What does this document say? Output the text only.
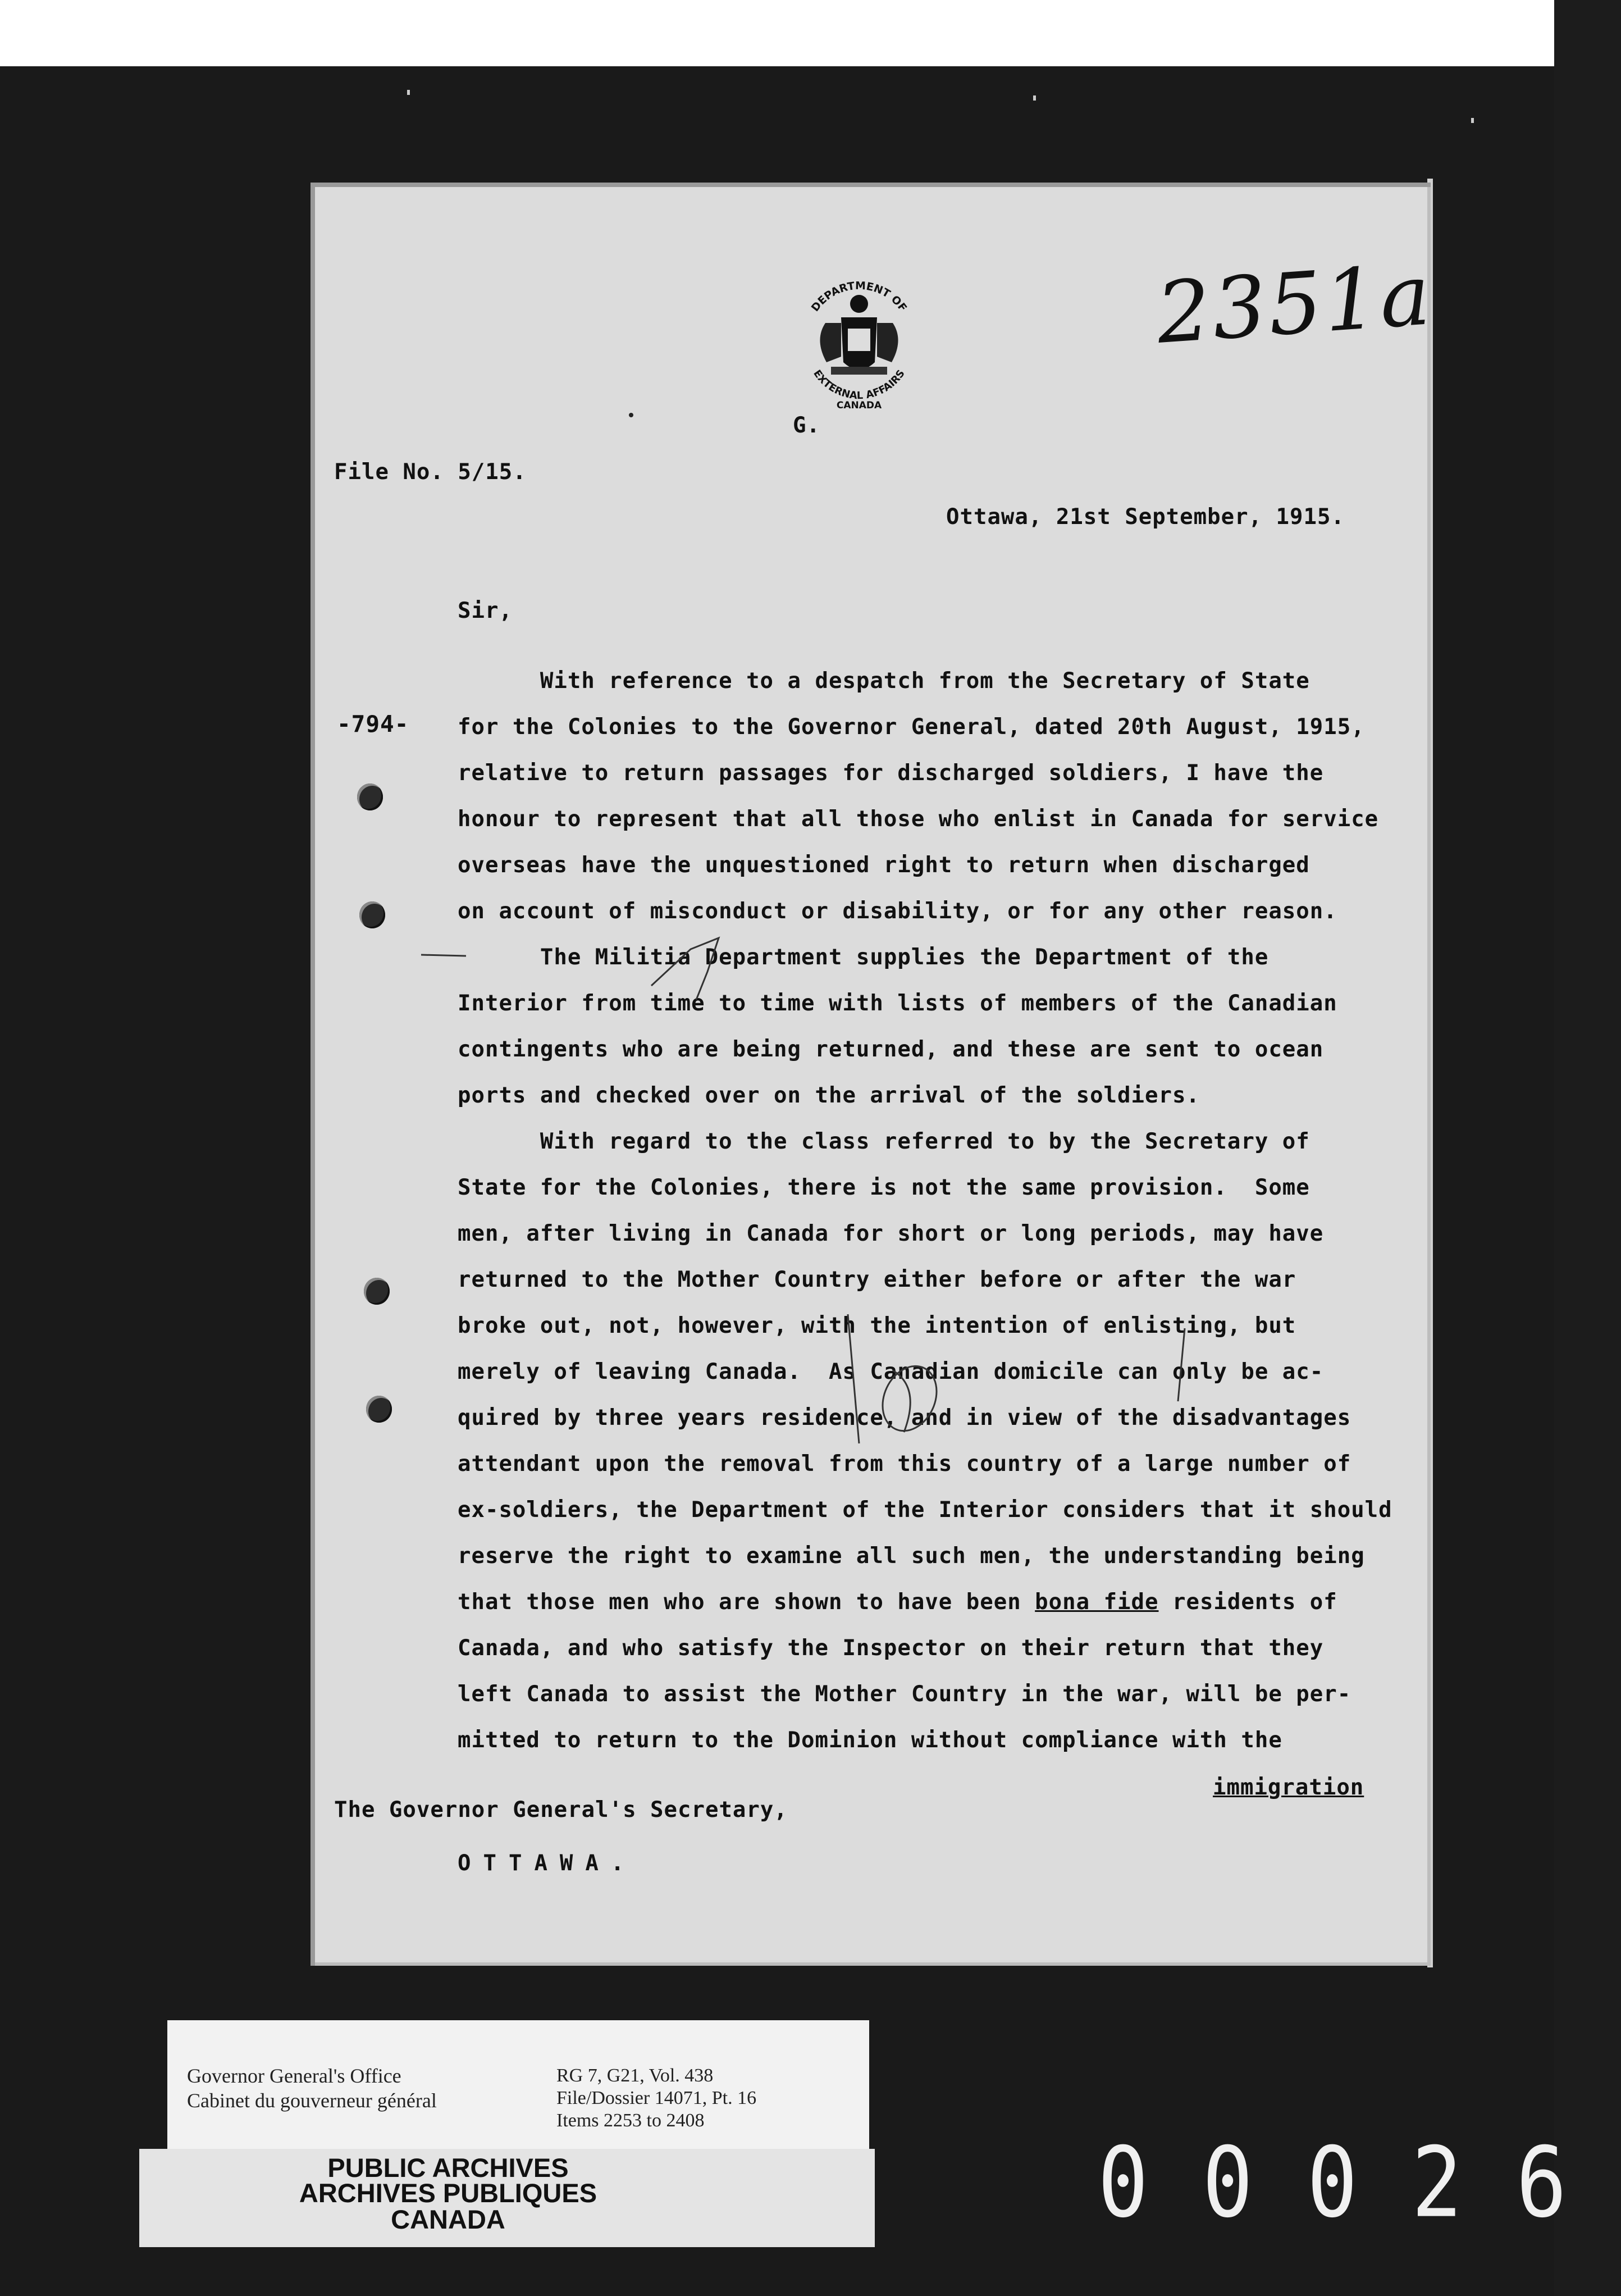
DEPARTMENT OF
EXTERNAL AFFAIRS
CANADA
G.
2351a
File No. 5/15.
Ottawa, 21st September, 1915.
Sir,
-794-
With reference to a despatch from the Secretary of State
for the Colonies to the Governor General, dated 20th August, 1915,
relative to return passages for discharged soldiers, I have the
honour to represent that all those who enlist in Canada for service
overseas have the unquestioned right to return when discharged
on account of misconduct or disability, or for any other reason.
The Militia Department supplies the Department of the
Interior from time to time with lists of members of the Canadian
contingents who are being returned, and these are sent to ocean
ports and checked over on the arrival of the soldiers.
With regard to the class referred to by the Secretary of
State for the Colonies, there is not the same provision.  Some
men, after living in Canada for short or long periods, may have
returned to the Mother Country either before or after the war
broke out, not, however, with the intention of enlisting, but
merely of leaving Canada.  As Canadian domicile can only be ac-
quired by three years residence, and in view of the disadvantages
attendant upon the removal from this country of a large number of
ex-soldiers, the Department of the Interior considers that it should
reserve the right to examine all such men, the understanding being
that those men who are shown to have been bona fide residents of
Canada, and who satisfy the Inspector on their return that they
left Canada to assist the Mother Country in the war, will be per-
mitted to return to the Dominion without compliance with the
immigration
The Governor General's Secretary,
OTTAWA.
Governor General's Office
Cabinet du gouverneur général
RG 7, G21, Vol. 438
File/Dossier 14071, Pt. 16
Items 2253 to 2408
PUBLIC ARCHIVES
ARCHIVES PUBLIQUES
CANADA	00026
